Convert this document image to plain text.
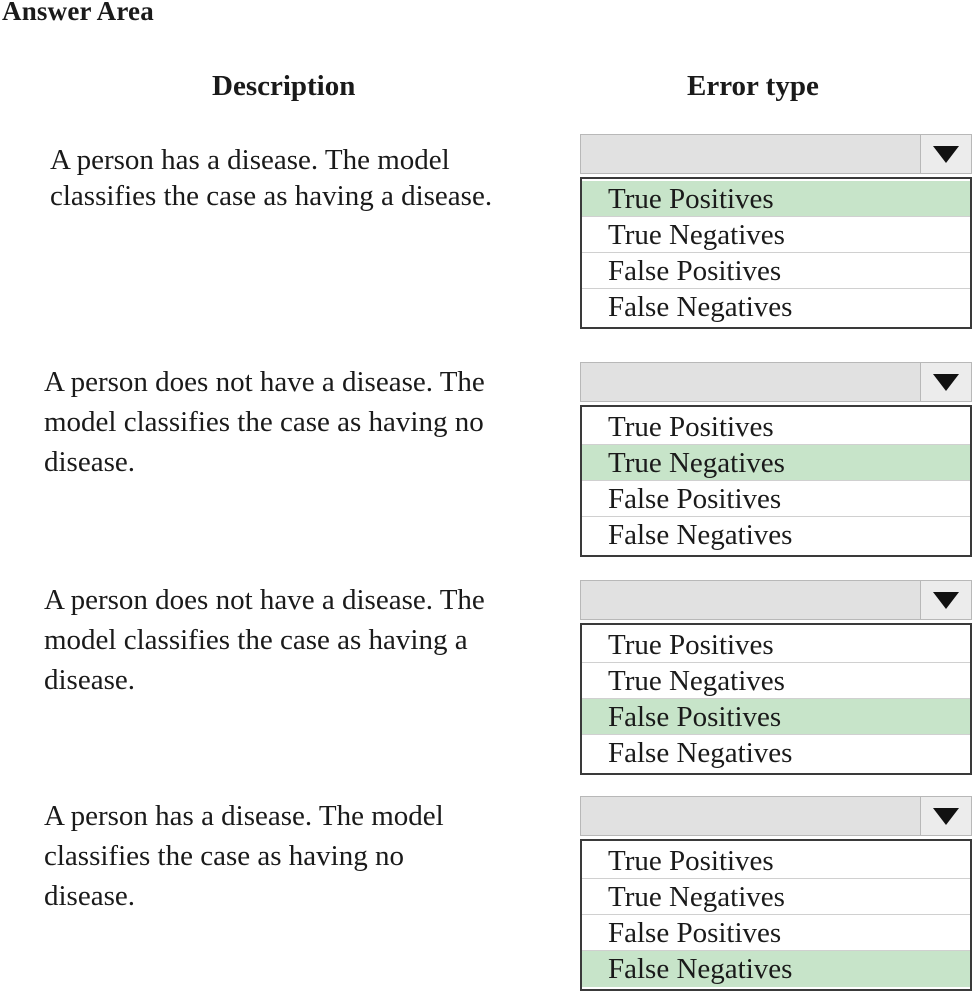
Answer Area
Description	Error type
A person has a disease. The model
classifies the case as having a disease.	True Positives
True Negatives
False Positives
False Negatives
A person does not have a disease. The
model classifies the case as having no
disease.
True Positives
True Negatives
False Positives
False Negatives
A person does not have a disease. The
model classifies the case as having a
disease.
True Positives
True Negatives
False Positives
False Negatives
A person has a disease. The model
classifies the case as having no
disease.
True Positives
True Negatives
False Positives
False Negatives
